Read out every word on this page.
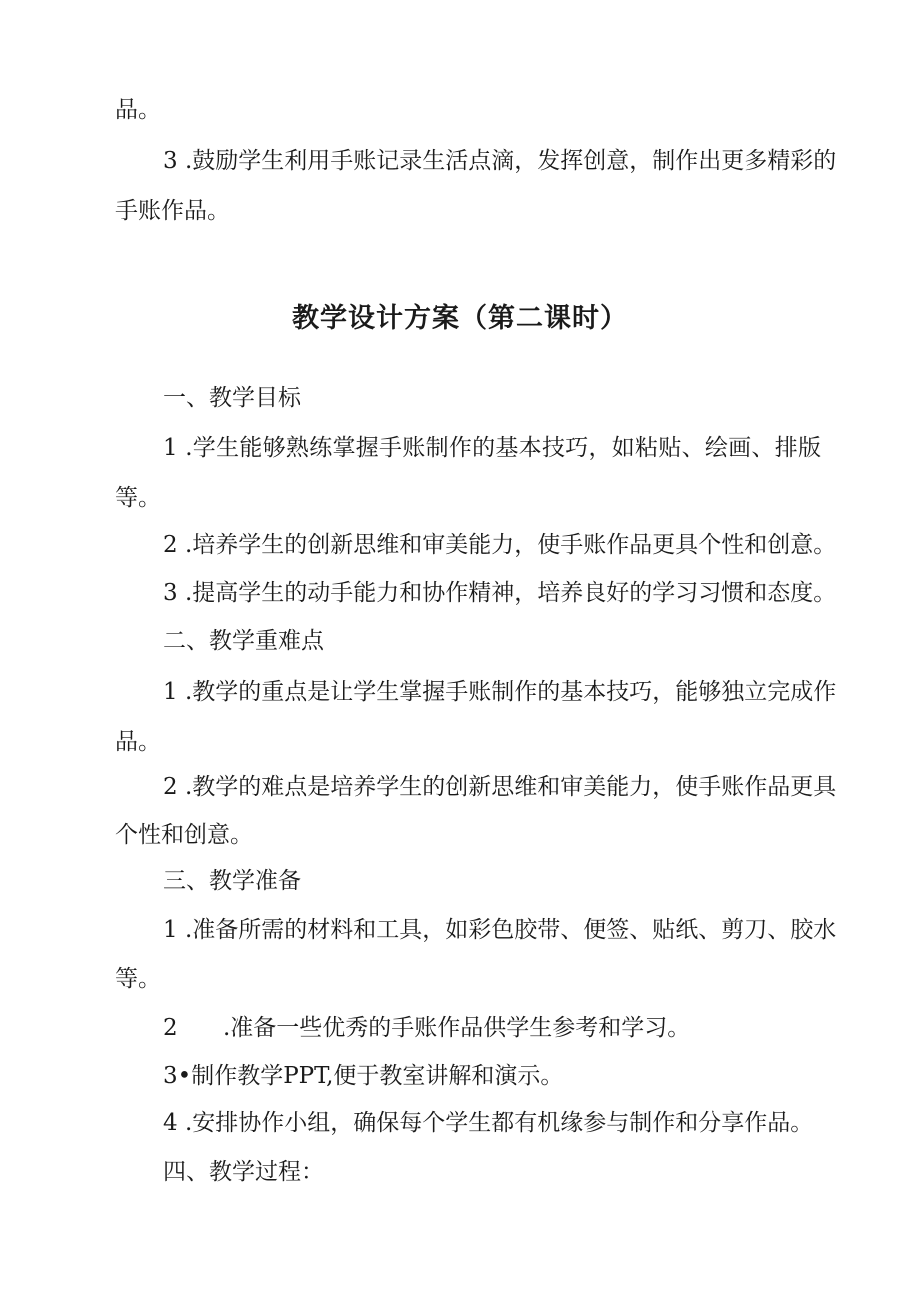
品。

3 .鼓励学生利用手账记录生活点滴，发挥创意，制作出更多精彩的

手账作品。

教学设计方案（第二课时）

一、教学目标

1 .学生能够熟练掌握手账制作的基本技巧，如粘贴、绘画、排版

等。

2 .培养学生的创新思维和审美能力，使手账作品更具个性和创意。

3 .提高学生的动手能力和协作精神，培养良好的学习习惯和态度。

二、教学重难点

1 .教学的重点是让学生掌握手账制作的基本技巧，能够独立完成作

品。

2 .教学的难点是培养学生的创新思维和审美能力，使手账作品更具

个性和创意。

三、教学准备

1 .准备所需的材料和工具，如彩色胶带、便签、贴纸、剪刀、胶水

等。

2 .准备一些优秀的手账作品供学生参考和学习。

3•制作教学PPT,便于教室讲解和演示。

4 .安排协作小组，确保每个学生都有机缘参与制作和分享作品。

四、教学过程：
